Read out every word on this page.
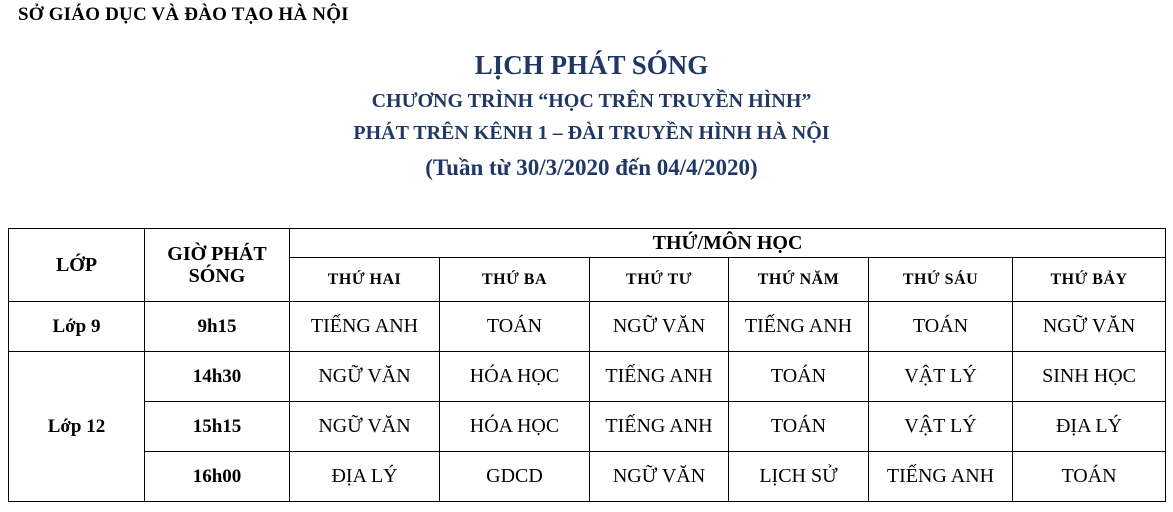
SỞ GIÁO DỤC VÀ ĐÀO TẠO HÀ NỘI
LỊCH PHÁT SÓNG
CHƯƠNG TRÌNH “HỌC TRÊN TRUYỀN HÌNH”
PHÁT TRÊN KÊNH 1 – ĐÀI TRUYỀN HÌNH HÀ NỘI
(Tuần từ 30/3/2020 đến 04/4/2020)
LỚP	GIỜ PHÁT SÓNG	THỨ/MÔN HỌC					
		THỨ HAI	THỨ BA	THỨ TƯ	THỨ NĂM	THỨ SÁU	THỨ BẢY
Lớp 9	9h15	TIẾNG ANH	TOÁN	NGỮ VĂN	TIẾNG ANH	TOÁN	NGỮ VĂN
Lớp 12	14h30	NGỮ VĂN	HÓA HỌC	TIẾNG ANH	TOÁN	VẬT LÝ	SINH HỌC
	15h15	NGỮ VĂN	HÓA HỌC	TIẾNG ANH	TOÁN	VẬT LÝ	ĐỊA LÝ
	16h00	ĐỊA LÝ	GDCD	NGỮ VĂN	LỊCH SỬ	TIẾNG ANH	TOÁN
